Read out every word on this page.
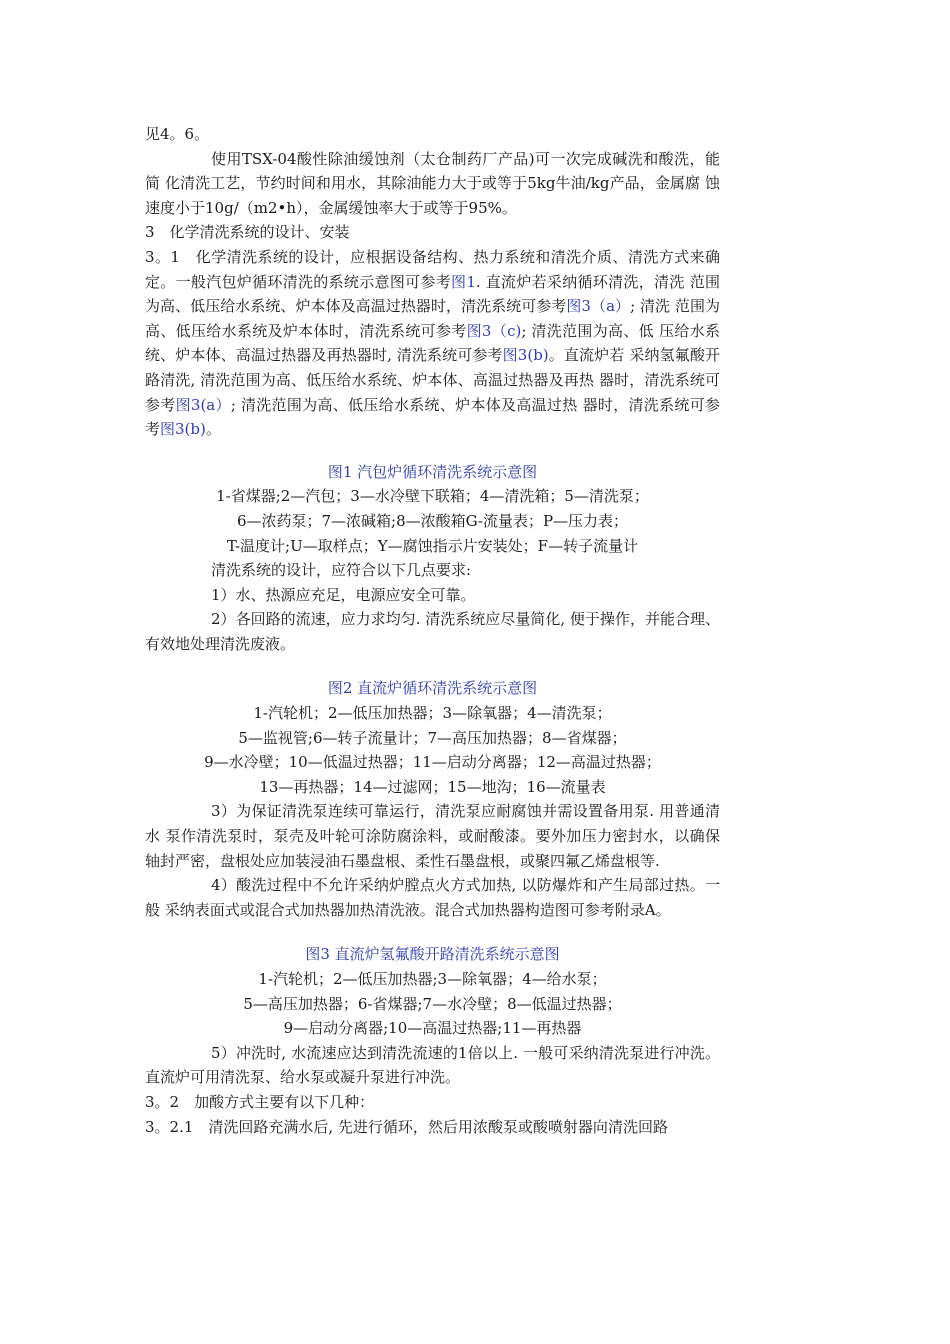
见4。6。

使用TSX-04酸性除油缓蚀剂（太仓制药厂产品)可一次完成碱洗和酸洗，能简 化清洗工艺，节约时间和用水，其除油能力大于或等于5kg牛油/kg产品，金属腐 蚀速度小于10g/（m2•h），金属缓蚀率大于或等于95%。

3　化学清洗系统的设计、安装

3。1　化学清洗系统的设计，应根据设备结构、热力系统和清洗介质、清洗方式来确 定。一般汽包炉循环清洗的系统示意图可参考图1. 直流炉若采纳循环清洗，清洗 范围为高、低压给水系统、炉本体及高温过热器时，清洗系统可参考图3（a）; 清洗 范围为高、低压给水系统及炉本体时，清洗系统可参考图3（c); 清洗范围为高、低 压给水系统、炉本体、高温过热器及再热器时, 清洗系统可参考图3(b)。直流炉若 采纳氢氟酸开路清洗, 清洗范围为高、低压给水系统、炉本体、高温过热器及再热 器时，清洗系统可参考图3(a）; 清洗范围为高、低压给水系统、炉本体及高温过热 器时，清洗系统可参考图3(b)。

图1 汽包炉循环清洗系统示意图

1-省煤器;2—汽包；3—水冷壁下联箱；4—清洗箱；5—清洗泵；

6—浓药泵；7—浓碱箱;8—浓酸箱G-流量表；P—压力表；

T-温度计;U—取样点；Y—腐蚀指示片安装处；F—转子流量计

清洗系统的设计，应符合以下几点要求:

1）水、热源应充足，电源应安全可靠。

2）各回路的流速，应力求均匀. 清洗系统应尽量简化, 便于操作，并能合理、 有效地处理清洗废液。

图2 直流炉循环清洗系统示意图

1-汽轮机；2—低压加热器；3—除氧器；4—清洗泵；

5—监视管;6—转子流量计；7—高压加热器；8—省煤器；

9—水冷壁；10—低温过热器；11—启动分离器；12—高温过热器；

13—再热器；14—过滤网；15—地沟；16—流量表

3）为保证清洗泵连续可靠运行，清洗泵应耐腐蚀并需设置备用泵. 用普通清水 泵作清洗泵时，泵壳及叶轮可涂防腐涂料，或耐酸漆。要外加压力密封水，以确保 轴封严密，盘根处应加装浸油石墨盘根、柔性石墨盘根，或聚四氟乙烯盘根等.

4）酸洗过程中不允许采纳炉膛点火方式加热, 以防爆炸和产生局部过热。一般 采纳表面式或混合式加热器加热清洗液。混合式加热器构造图可参考附录A。

图3 直流炉氢氟酸开路清洗系统示意图

1-汽轮机；2—低压加热器;3—除氧器；4—给水泵；

5—高压加热器；6-省煤器;7—水冷壁；8—低温过热器；

9—启动分离器;10—高温过热器;11—再热器

5）冲洗时, 水流速应达到清洗流速的1倍以上. 一般可采纳清洗泵进行冲洗。 直流炉可用清洗泵、给水泵或凝升泵进行冲洗。

3。2　加酸方式主要有以下几种：

3。2.1　清洗回路充满水后, 先进行循环，然后用浓酸泵或酸喷射器向清洗回路
